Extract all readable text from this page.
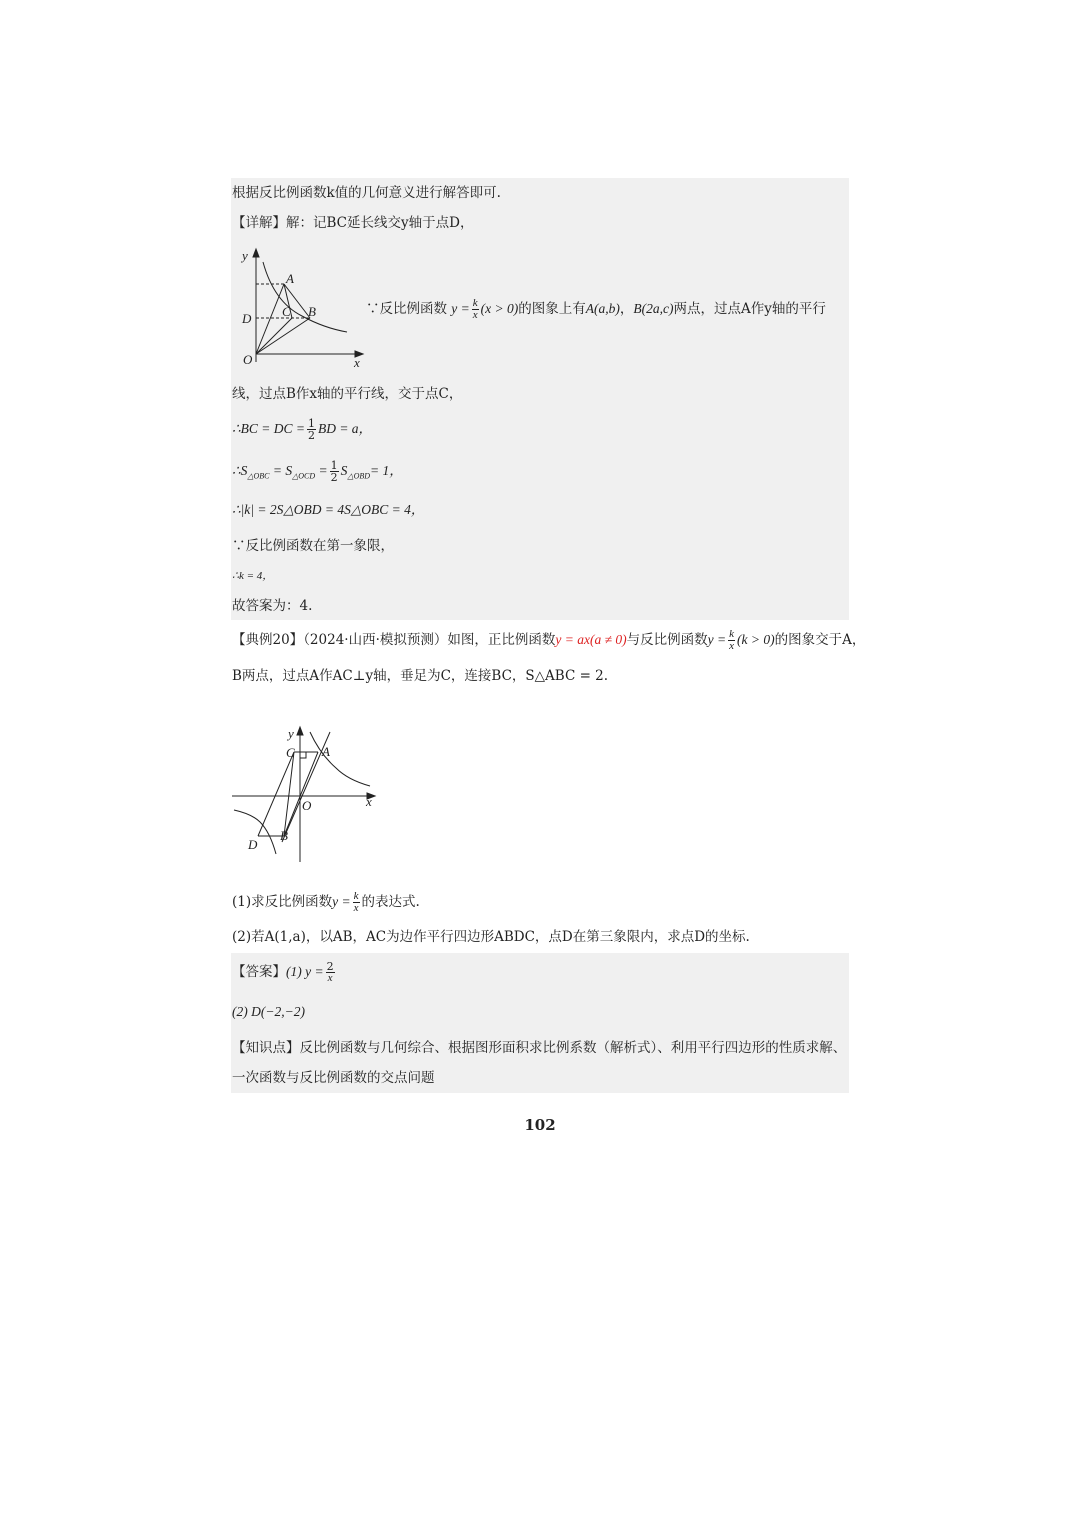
根据反比例函数k值的几何意义进行解答即可.
【详解】解：记BC延长线交y轴于点D，
y
x
O
A
B
C
D
∵反比例函数 $y = \frac{k}{x} (x > 0)$的图象上有A(a,b)，B(2a,c)两点，过点A作y轴的平行
线，过点B作x轴的平行线，交于点C，
∴BC = DC = $\frac{1}{2}$ BD = a，
$\therefore S_{\triangle OBC} = S_{\triangle OCD} = \frac{1}{2} S_{\triangle OBD}= 1$，
∴|k| = 2S△OBD = 4S△OBC = 4，
∵反比例函数在第一象限，
∴k = 4，
故答案为：4.
【典例20】（2024·山西·模拟预测）如图，正比例函数y = ax(a ≠ 0)与反比例函数$y = \frac{k}{x} (k > 0)$的图象交于A，
B两点，过点A作AC⊥y轴，垂足为C，连接BC，S△ABC = 2.
y
x
O
A
C
B
D
(1)求反比例函数$y = \frac{k}{x}$ 的表达式.
(2)若A(1,a)，以AB，AC为边作平行四边形ABDC，点D在第三象限内，求点D的坐标.
【答案】(1) $y = \frac{2}{x}$
(2) D(−2,−2)
【知识点】反比例函数与几何综合、根据图形面积求比例系数（解析式）、利用平行四边形的性质求解、
一次函数与反比例函数的交点问题
102
